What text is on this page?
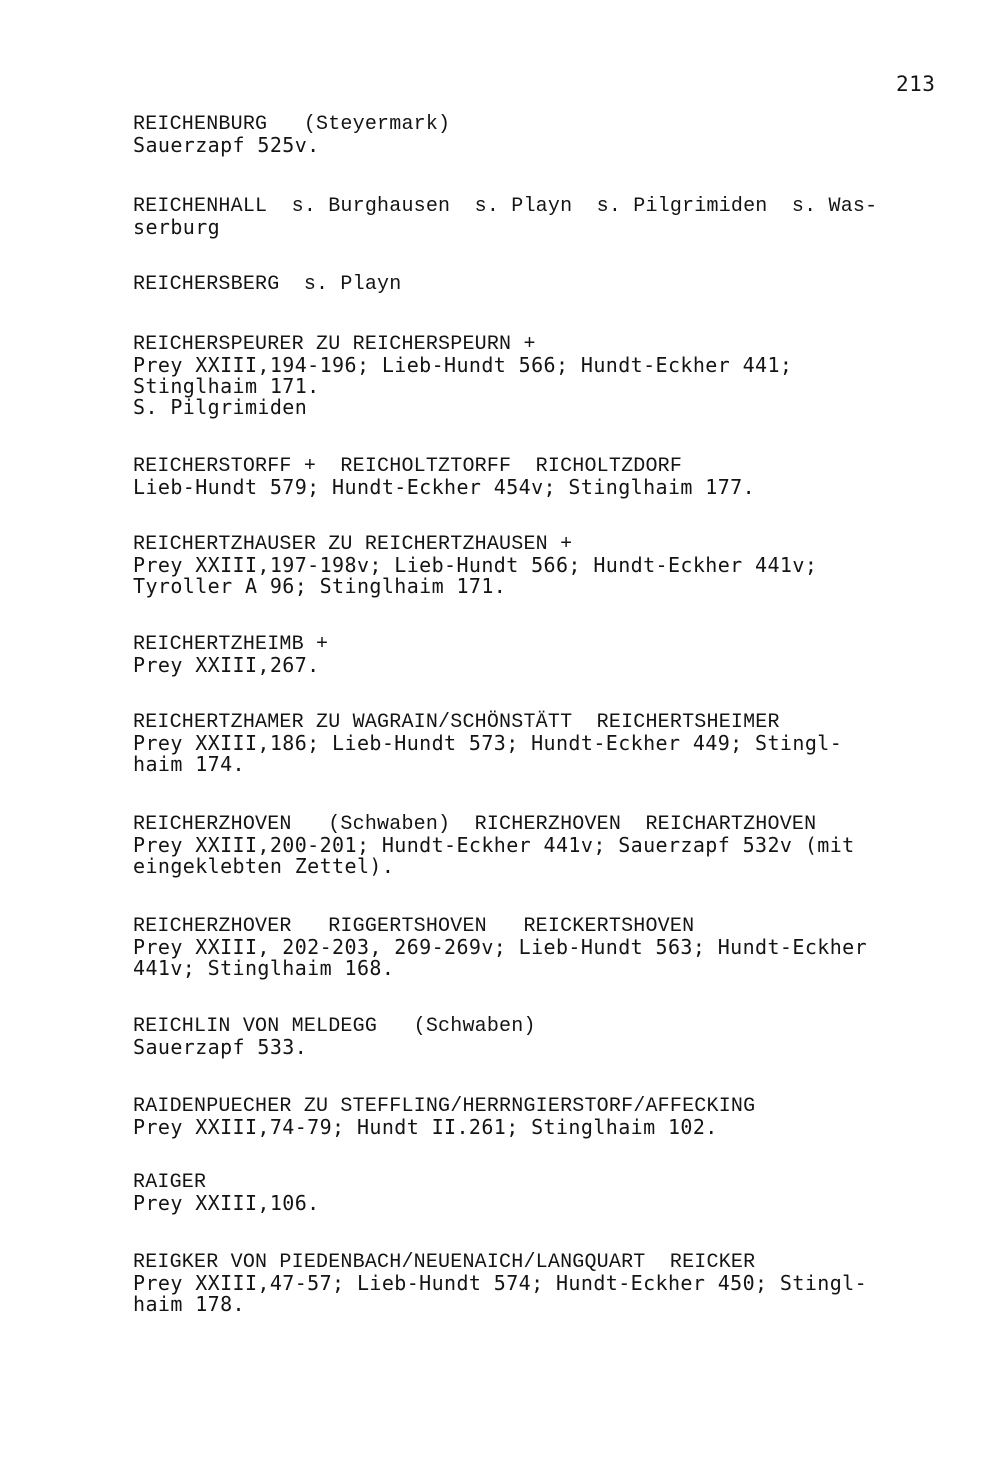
213
REICHENBURG   (Steyermark)
Sauerzapf 525v.
REICHENHALL  s. Burghausen  s. Playn  s. Pilgrimiden  s. Was-
serburg
REICHERSBERG  s. Playn
REICHERSPEURER ZU REICHERSPEURN +
Prey XXIII,194-196; Lieb-Hundt 566; Hundt-Eckher 441;
Stinglhaim 171.
S. Pilgrimiden
REICHERSTORFF +  REICHOLTZTORFF  RICHOLTZDORF
Lieb-Hundt 579; Hundt-Eckher 454v; Stinglhaim 177.
REICHERTZHAUSER ZU REICHERTZHAUSEN +
Prey XXIII,197-198v; Lieb-Hundt 566; Hundt-Eckher 441v;
Tyroller A 96; Stinglhaim 171.
REICHERTZHEIMB +
Prey XXIII,267.
REICHERTZHAMER ZU WAGRAIN/SCHÖNSTÄTT  REICHERTSHEIMER
Prey XXIII,186; Lieb-Hundt 573; Hundt-Eckher 449; Stingl-
haim 174.
REICHERZHOVEN   (Schwaben)  RICHERZHOVEN  REICHARTZHOVEN
Prey XXIII,200-201; Hundt-Eckher 441v; Sauerzapf 532v (mit
eingeklebten Zettel).
REICHERZHOVER   RIGGERTSHOVEN   REICKERTSHOVEN
Prey XXIII, 202-203, 269-269v; Lieb-Hundt 563; Hundt-Eckher
441v; Stinglhaim 168.
REICHLIN VON MELDEGG   (Schwaben)
Sauerzapf 533.
RAIDENPUECHER ZU STEFFLING/HERRNGIERSTORF/AFFECKING
Prey XXIII,74-79; Hundt II.261; Stinglhaim 102.
RAIGER
Prey XXIII,106.
REIGKER VON PIEDENBACH/NEUENAICH/LANGQUART  REICKER
Prey XXIII,47-57; Lieb-Hundt 574; Hundt-Eckher 450; Stingl-
haim 178.
